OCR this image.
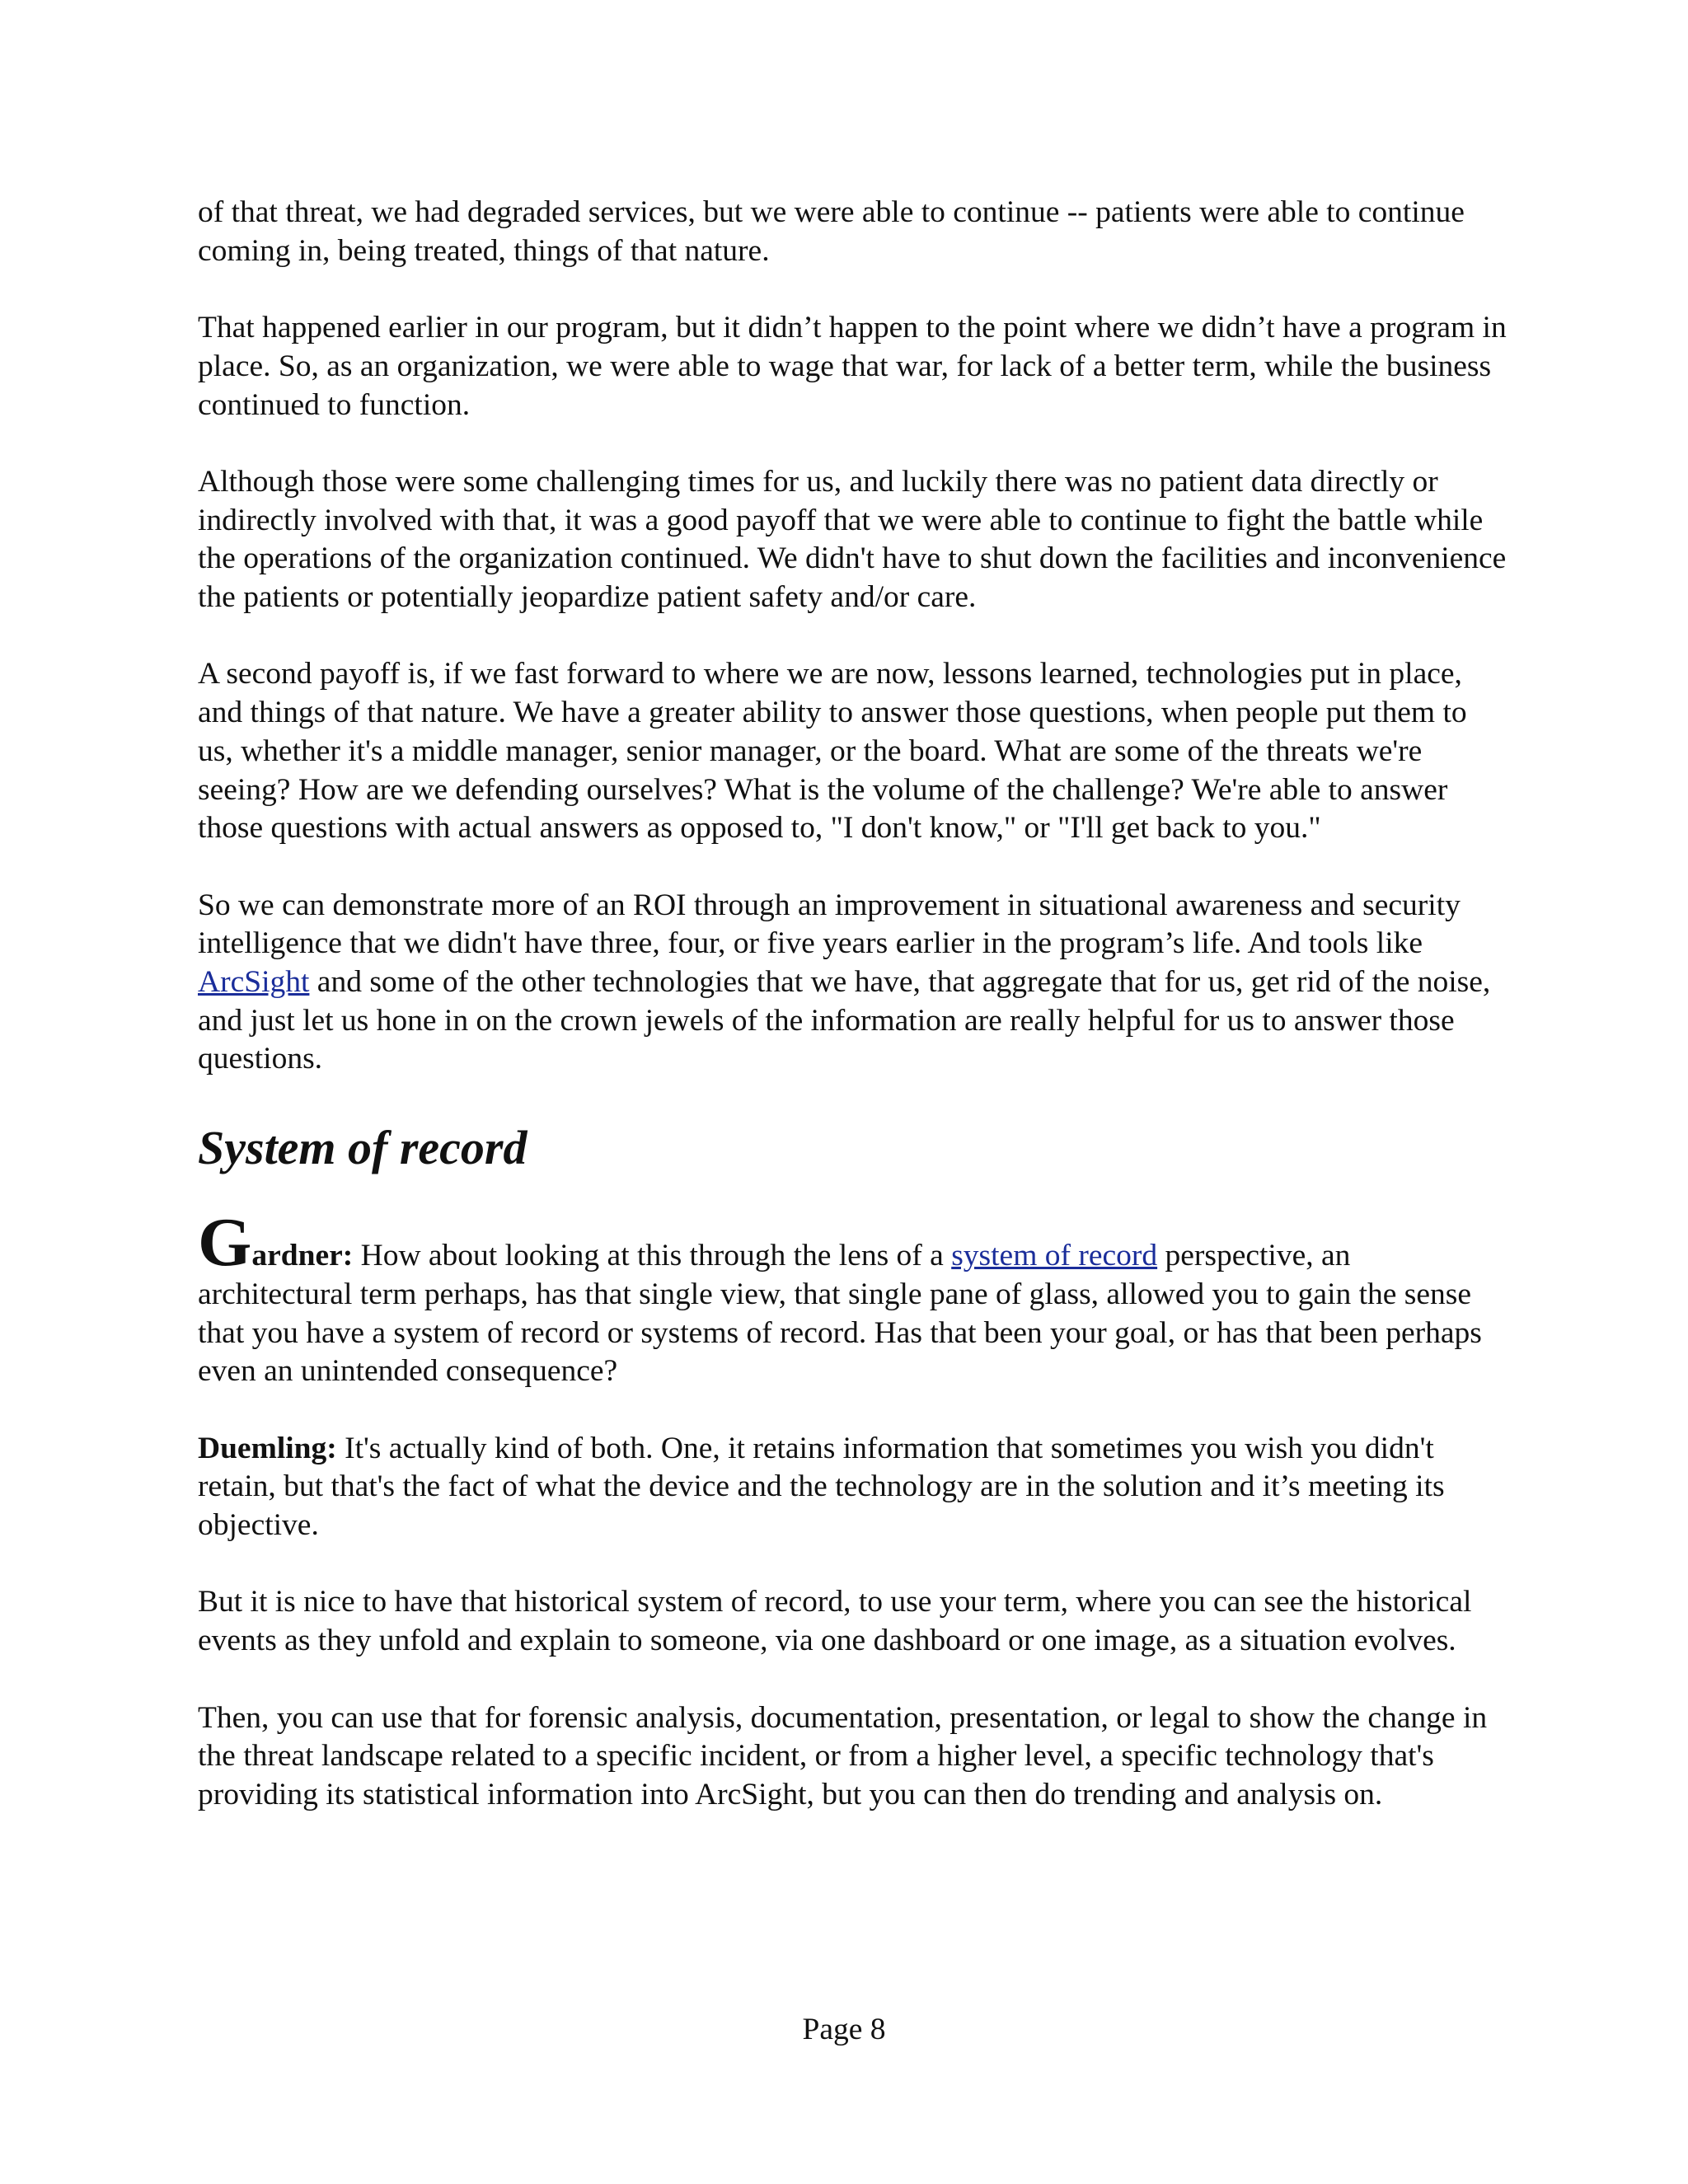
of that threat, we had degraded services, but we were able to continue -- patients were able to continue coming in, being treated, things of that nature.

That happened earlier in our program, but it didn’t happen to the point where we didn’t have a program in place. So, as an organization, we were able to wage that war, for lack of a better term, while the business continued to function.

Although those were some challenging times for us, and luckily there was no patient data directly or indirectly involved with that, it was a good payoff that we were able to continue to fight the battle while the operations of the organization continued. We didn't have to shut down the facilities and inconvenience the patients or potentially jeopardize patient safety and/or care.

A second payoff is, if we fast forward to where we are now, lessons learned, technologies put in place, and things of that nature. We have a greater ability to answer those questions, when people put them to us, whether it's a middle manager, senior manager, or the board. What are some of the threats we're seeing? How are we defending ourselves? What is the volume of the challenge? We're able to answer those questions with actual answers as opposed to, "I don't know," or "I'll get back to you."

So we can demonstrate more of an ROI through an improvement in situational awareness and security intelligence that we didn't have three, four, or five years earlier in the program’s life. And tools like ArcSight and some of the other technologies that we have, that aggregate that for us, get rid of the noise, and just let us hone in on the crown jewels of the information are really helpful for us to answer those questions.

System of record

Gardner: How about looking at this through the lens of a system of record perspective, an architectural term perhaps, has that single view, that single pane of glass, allowed you to gain the sense that you have a system of record or systems of record. Has that been your goal, or has that been perhaps even an unintended consequence?

Duemling: It's actually kind of both. One, it retains information that sometimes you wish you didn't retain, but that's the fact of what the device and the technology are in the solution and it’s meeting its objective.

But it is nice to have that historical system of record, to use your term, where you can see the historical events as they unfold and explain to someone, via one dashboard or one image, as a situation evolves.

Then, you can use that for forensic analysis, documentation, presentation, or legal to show the change in the threat landscape related to a specific incident, or from a higher level, a specific technology that's providing its statistical information into ArcSight, but you can then do trending and analysis on.

Page 8
